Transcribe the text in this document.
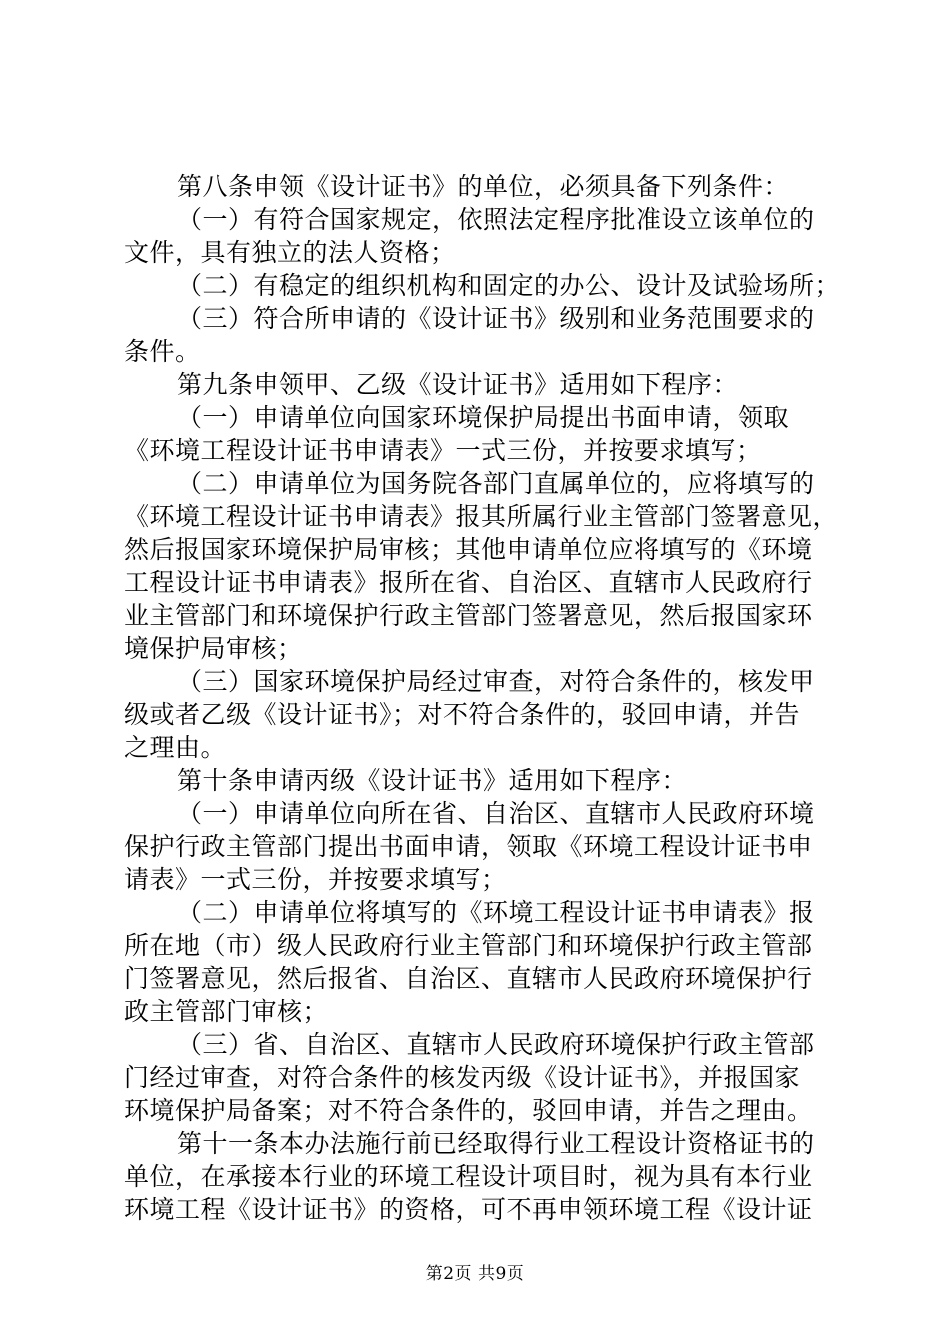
第八条申领《设计证书》的单位，必须具备下列条件：
（一）有符合国家规定，依照法定程序批准设立该单位的
文件，具有独立的法人资格；
（二）有稳定的组织机构和固定的办公、设计及试验场所；
（三）符合所申请的《设计证书》级别和业务范围要求的
条件。
第九条申领甲、乙级《设计证书》适用如下程序：
（一）申请单位向国家环境保护局提出书面申请，领取
《环境工程设计证书申请表》一式三份，并按要求填写；
（二）申请单位为国务院各部门直属单位的，应将填写的
《环境工程设计证书申请表》报其所属行业主管部门签署意见，
然后报国家环境保护局审核；其他申请单位应将填写的《环境
工程设计证书申请表》报所在省、自治区、直辖市人民政府行
业主管部门和环境保护行政主管部门签署意见，然后报国家环
境保护局审核；
（三）国家环境保护局经过审查，对符合条件的，核发甲
级或者乙级《设计证书》；对不符合条件的，驳回申请，并告
之理由。
第十条申请丙级《设计证书》适用如下程序：
（一）申请单位向所在省、自治区、直辖市人民政府环境
保护行政主管部门提出书面申请，领取《环境工程设计证书申
请表》一式三份，并按要求填写；
（二）申请单位将填写的《环境工程设计证书申请表》报
所在地（市）级人民政府行业主管部门和环境保护行政主管部
门签署意见，然后报省、自治区、直辖市人民政府环境保护行
政主管部门审核；
（三）省、自治区、直辖市人民政府环境保护行政主管部
门经过审查，对符合条件的核发丙级《设计证书》，并报国家
环境保护局备案；对不符合条件的，驳回申请，并告之理由。
第十一条本办法施行前已经取得行业工程设计资格证书的
单位，在承接本行业的环境工程设计项目时，视为具有本行业
环境工程《设计证书》的资格，可不再申领环境工程《设计证
第2页 共9页
